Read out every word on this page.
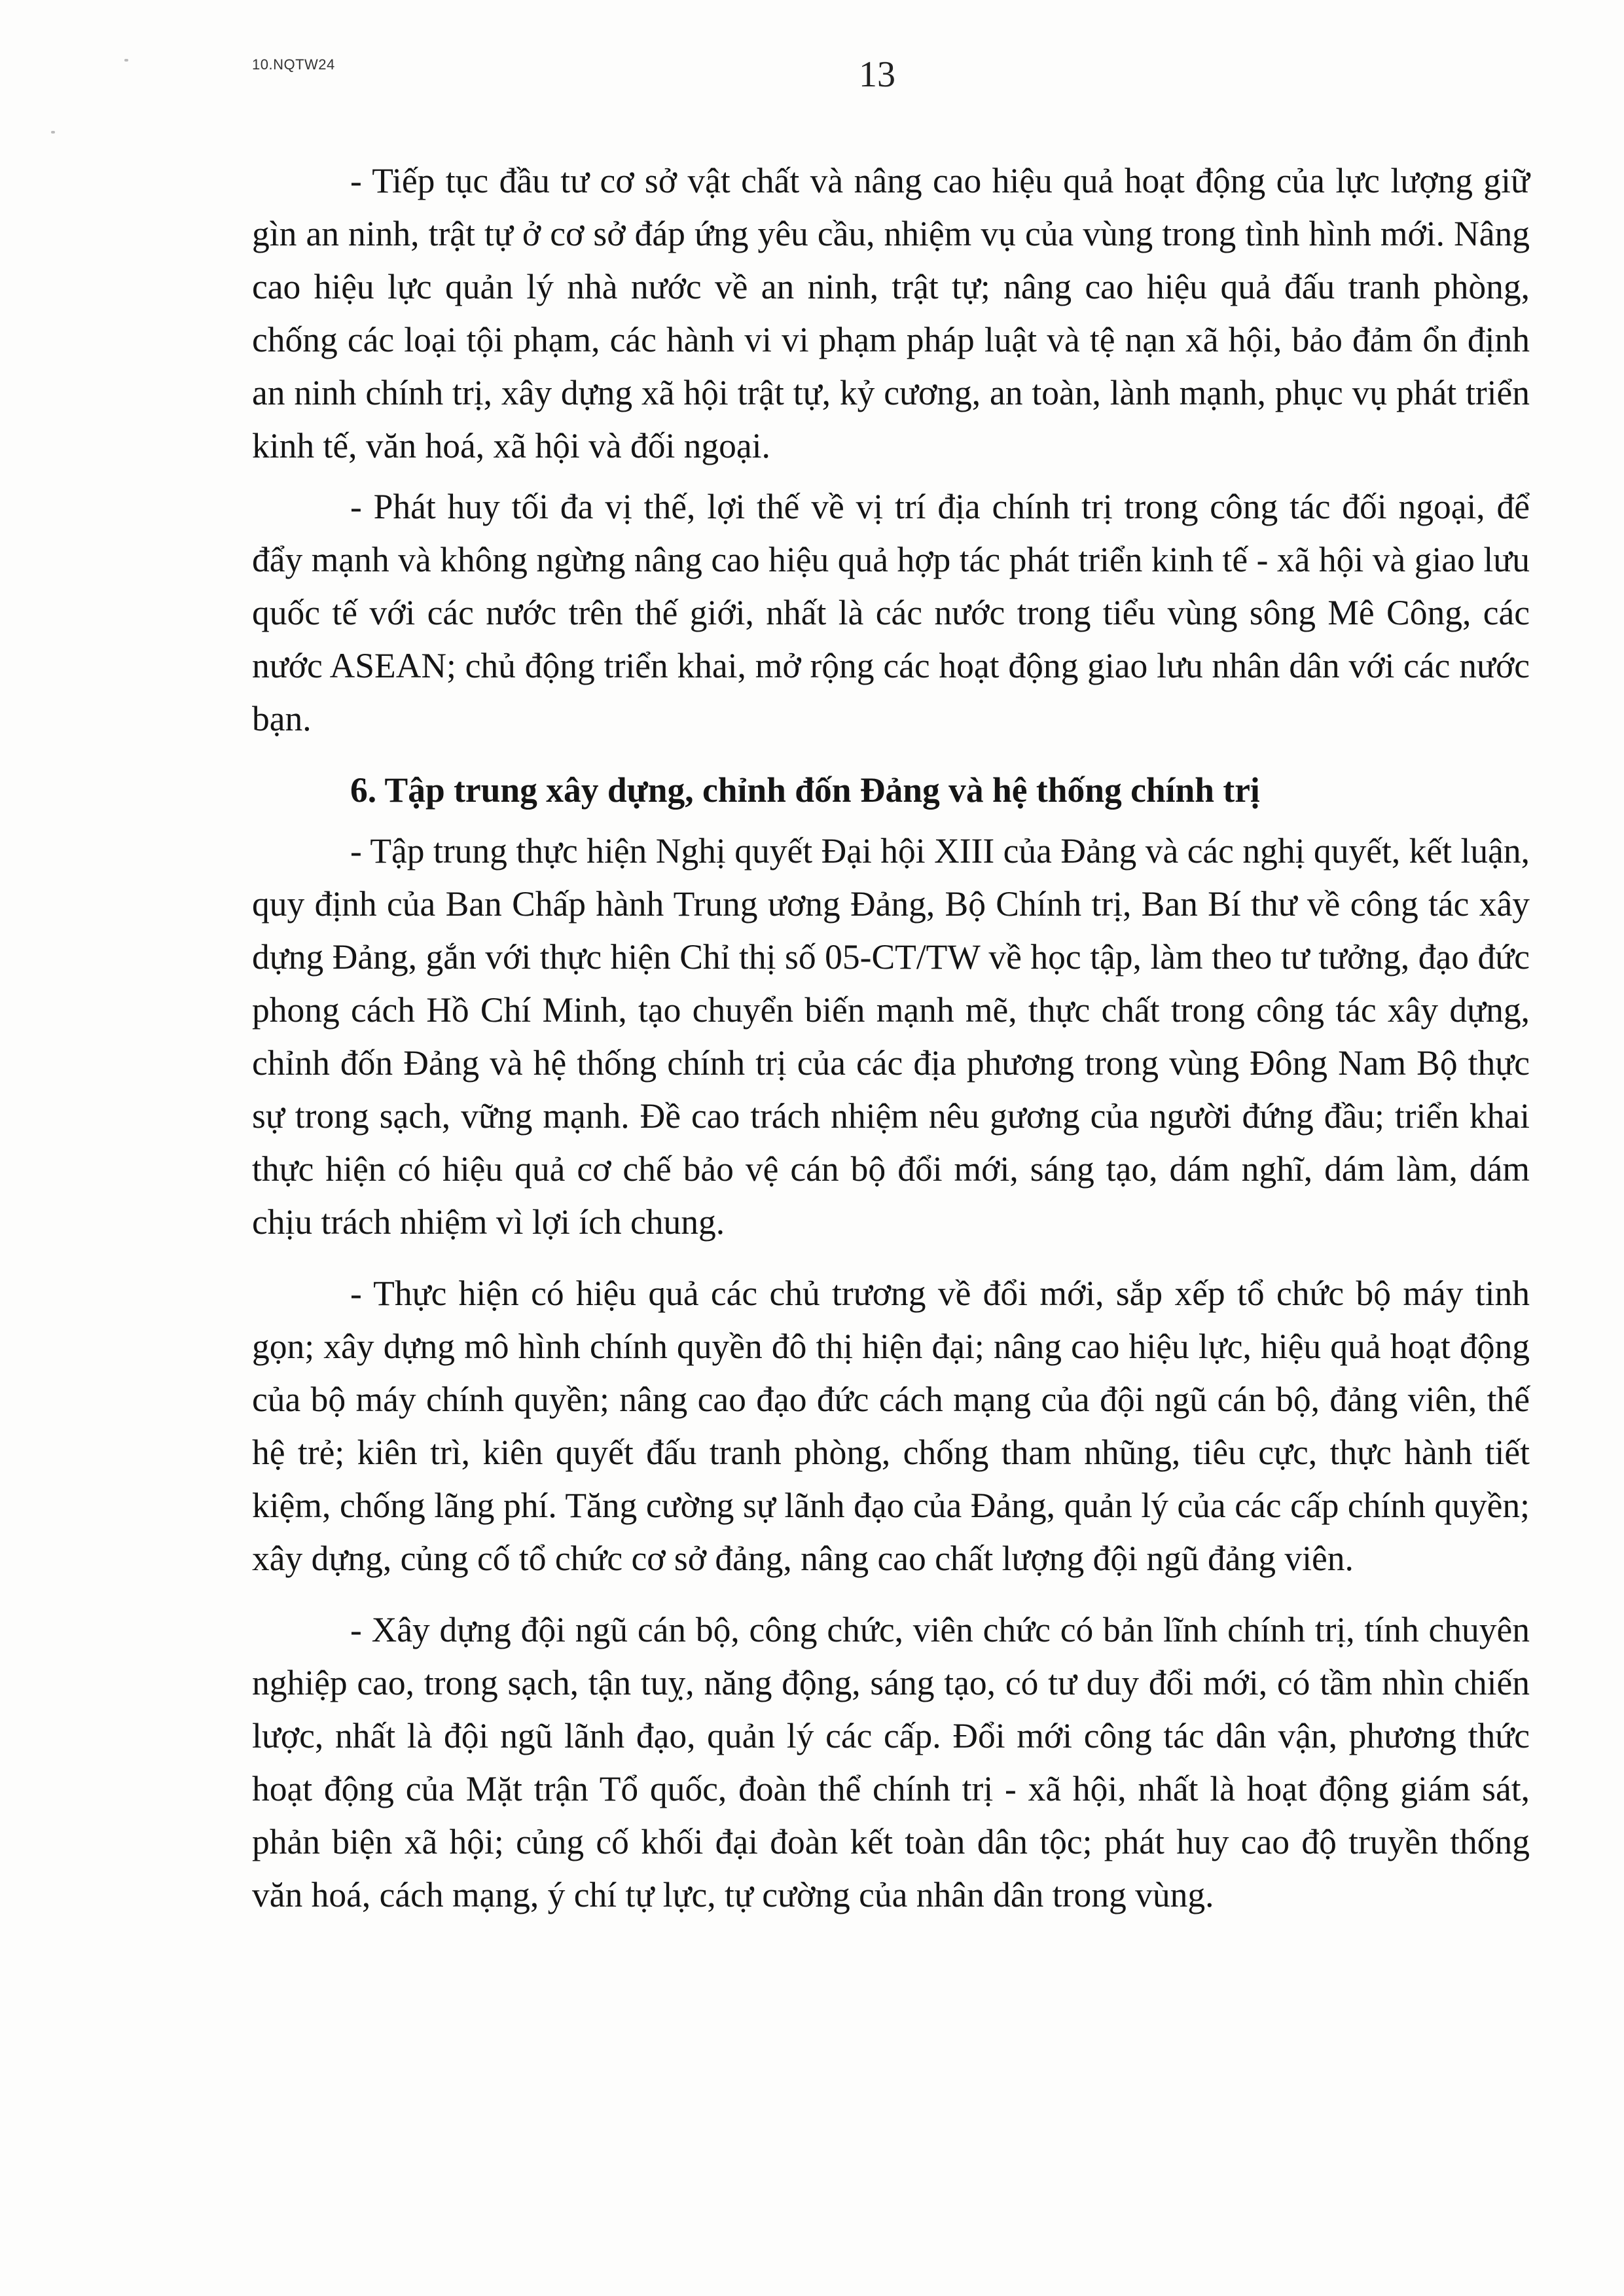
10.NQTW24	13

- Tiếp tục đầu tư cơ sở vật chất và nâng cao hiệu quả hoạt động của lực lượng giữ gìn an ninh, trật tự ở cơ sở đáp ứng yêu cầu, nhiệm vụ của vùng trong tình hình mới. Nâng cao hiệu lực quản lý nhà nước về an ninh, trật tự; nâng cao hiệu quả đấu tranh phòng, chống các loại tội phạm, các hành vi vi phạm pháp luật và tệ nạn xã hội, bảo đảm ổn định an ninh chính trị, xây dựng xã hội trật tự, kỷ cương, an toàn, lành mạnh, phục vụ phát triển kinh tế, văn hoá, xã hội và đối ngoại.

- Phát huy tối đa vị thế, lợi thế về vị trí địa chính trị trong công tác đối ngoại, để đẩy mạnh và không ngừng nâng cao hiệu quả hợp tác phát triển kinh tế - xã hội và giao lưu quốc tế với các nước trên thế giới, nhất là các nước trong tiểu vùng sông Mê Công, các nước ASEAN; chủ động triển khai, mở rộng các hoạt động giao lưu nhân dân với các nước bạn.

6. Tập trung xây dựng, chỉnh đốn Đảng và hệ thống chính trị

- Tập trung thực hiện Nghị quyết Đại hội XIII của Đảng và các nghị quyết, kết luận, quy định của Ban Chấp hành Trung ương Đảng, Bộ Chính trị, Ban Bí thư về công tác xây dựng Đảng, gắn với thực hiện Chỉ thị số 05-CT/TW về học tập, làm theo tư tưởng, đạo đức phong cách Hồ Chí Minh, tạo chuyển biến mạnh mẽ, thực chất trong công tác xây dựng, chỉnh đốn Đảng và hệ thống chính trị của các địa phương trong vùng Đông Nam Bộ thực sự trong sạch, vững mạnh. Đề cao trách nhiệm nêu gương của người đứng đầu; triển khai thực hiện có hiệu quả cơ chế bảo vệ cán bộ đổi mới, sáng tạo, dám nghĩ, dám làm, dám chịu trách nhiệm vì lợi ích chung.

- Thực hiện có hiệu quả các chủ trương về đổi mới, sắp xếp tổ chức bộ máy tinh gọn; xây dựng mô hình chính quyền đô thị hiện đại; nâng cao hiệu lực, hiệu quả hoạt động của bộ máy chính quyền; nâng cao đạo đức cách mạng của đội ngũ cán bộ, đảng viên, thế hệ trẻ; kiên trì, kiên quyết đấu tranh phòng, chống tham nhũng, tiêu cực, thực hành tiết kiệm, chống lãng phí. Tăng cường sự lãnh đạo của Đảng, quản lý của các cấp chính quyền; xây dựng, củng cố tổ chức cơ sở đảng, nâng cao chất lượng đội ngũ đảng viên.

- Xây dựng đội ngũ cán bộ, công chức, viên chức có bản lĩnh chính trị, tính chuyên nghiệp cao, trong sạch, tận tuỵ, năng động, sáng tạo, có tư duy đổi mới, có tầm nhìn chiến lược, nhất là đội ngũ lãnh đạo, quản lý các cấp. Đổi mới công tác dân vận, phương thức hoạt động của Mặt trận Tổ quốc, đoàn thể chính trị - xã hội, nhất là hoạt động giám sát, phản biện xã hội; củng cố khối đại đoàn kết toàn dân tộc; phát huy cao độ truyền thống văn hoá, cách mạng, ý chí tự lực, tự cường của nhân dân trong vùng.
